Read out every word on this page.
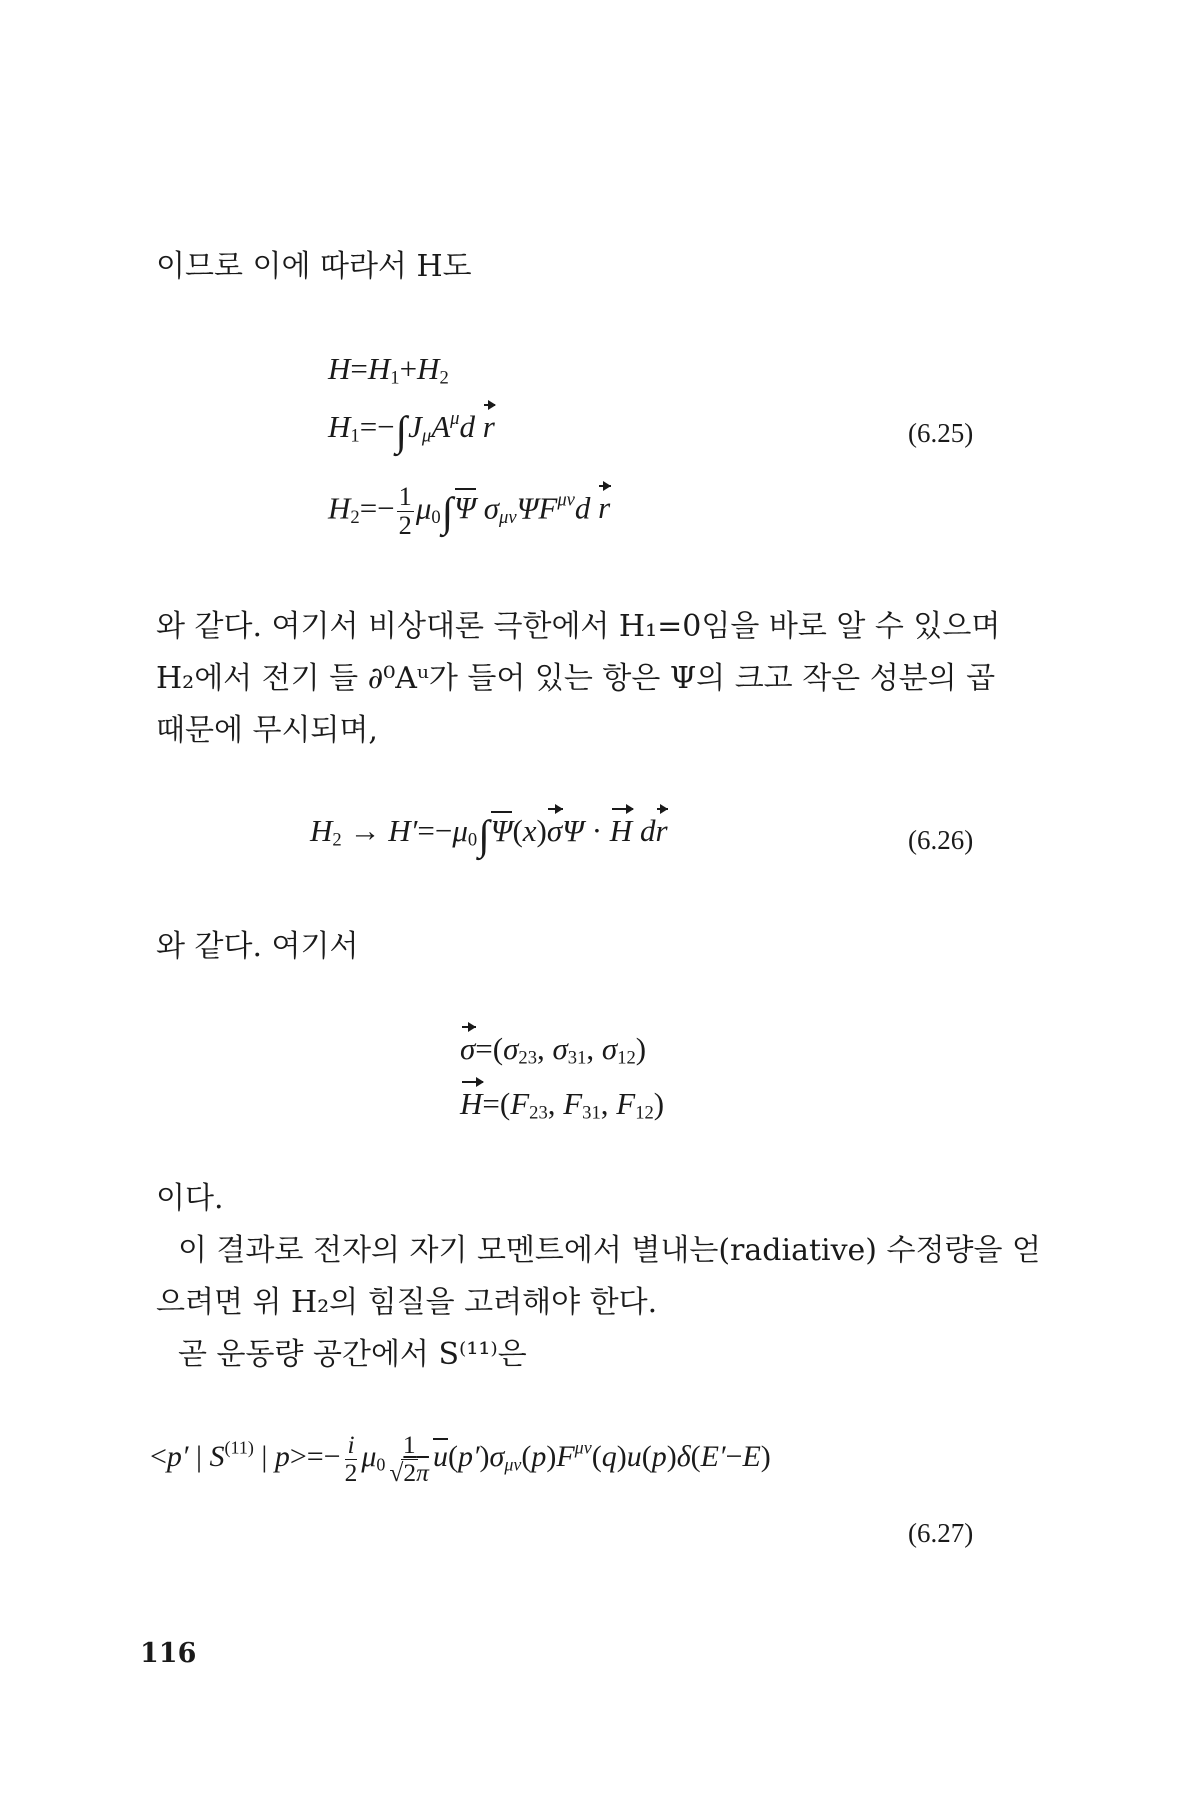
이므로 이에 따라서 H도
$H=H_1+H_2$
$H_1=-\int J_\mu A^\mu d$ r	(6.25)
$H_2=- \frac{1}{2} \mu_0\int\Psi$ $\sigma_{\mu\nu}\Psi F^{\mu\nu}d$ r
와 같다. 여기서 비상대론 극한에서 H₁=0임을 바로 알 수 있으며
H₂에서 전기 들 ∂⁰Aᵘ가 들어 있는 항은 Ψ의 크고 작은 성분의 곱
때문에 무시되며,
$H_2 \to H'=-\mu_0\int\Psi(x)\sigma\Psi \cdot H$ dr	(6.26)
와 같다. 여기서
$\sigma=(\sigma_{23}$, $\sigma_{31}$, $\sigma_{12}$)
$H=(F_{23}$, $F_{31}$, $F_{12}$)
이다.
이 결과로 전자의 자기 모멘트에서 별내는(radiative) 수정량을 얻
으려면 위 H₂의 힘질을 고려해야 한다.
곧 운동량 공간에서 S⁽¹¹⁾은
<p′ | $S^{(11)}$ | $p>=- \frac{i}{2} \mu_0 \frac{1}{√2\pi} u(p')\sigma_{\mu\nu}(p)F^{\mu\nu}(q)u(p)\delta(E'-E)$
(6.27)
116
